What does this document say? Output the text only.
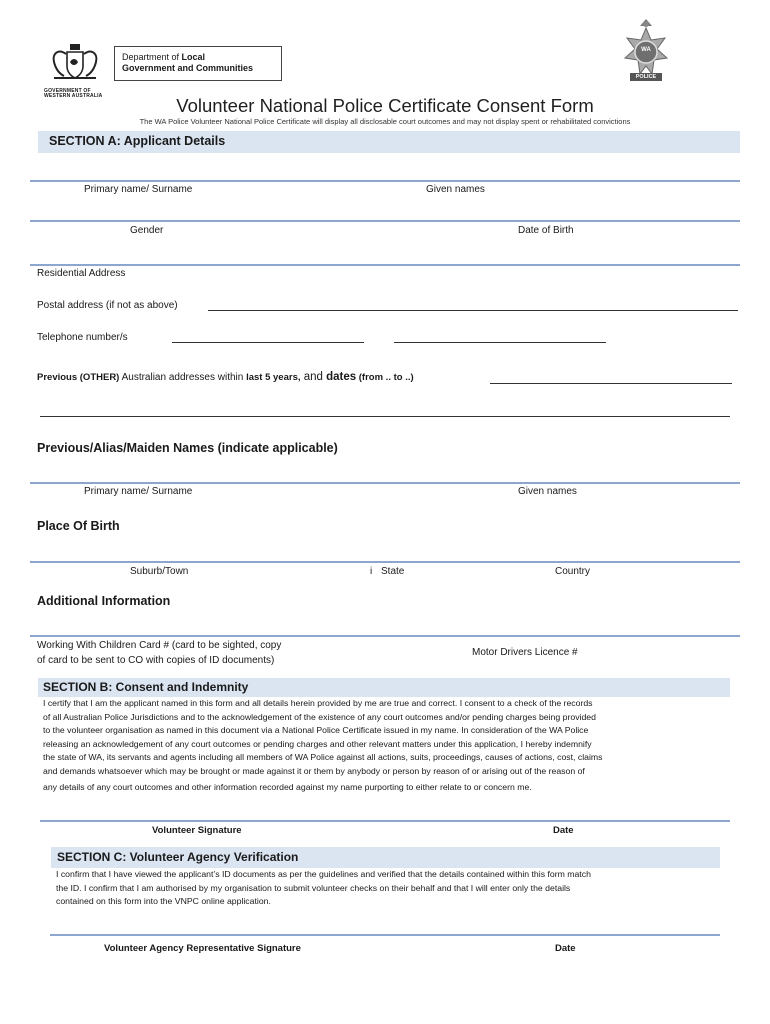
GOVERNMENT OF
WESTERN AUSTRALIA
Department of Local
Government and Communities
WA
POLICE
Volunteer National Police Certificate Consent Form
The WA Police Volunteer National Police Certificate will display all disclosable court outcomes and may not display spent or rehabilitated convictions
SECTION A: Applicant Details
Primary name/ Surname	Given names
Gender	Date of Birth
Residential Address
Postal address (if not as above)
Telephone number/s
Previous (OTHER) Australian addresses within last 5 years, and dates (from .. to ..)
Previous/Alias/Maiden Names (indicate applicable)
Primary name/ Surname	Given names
Place Of Birth
Suburb/Town	i State	Country
Additional Information
Working With Children Card # (card to be sighted, copy
of card to be sent to CO with copies of ID documents)
Motor Drivers Licence #
SECTION B: Consent and Indemnity
I certify that I am the applicant named in this form and all details herein provided by me are true and correct. I consent to a check of the records
of all Australian Police Jurisdictions and to the acknowledgement of the existence of any court outcomes and/or pending charges being provided
to the volunteer organisation as named in this document via a National Police Certificate issued in my name. In consideration of the WA Police
releasing an acknowledgement of any court outcomes or pending charges and other relevant matters under this application, I hereby indemnify
the state of WA, its servants and agents including all members of WA Police against all actions, suits, proceedings, causes of actions, cost, claims
and demands whatsoever which may be brought or made against it or them by anybody or person by reason of or arising out of the reason of
any details of any court outcomes and other information recorded against my name purporting to either relate to or concern me.
Volunteer Signature	Date
SECTION C: Volunteer Agency Verification
I confirm that I have viewed the applicant’s ID documents as per the guidelines and verified that the details contained within this form match
the ID. I confirm that I am authorised by my organisation to submit volunteer checks on their behalf and that I will enter only the details
contained on this form into the VNPC online application.
Volunteer Agency Representative Signature	Date
